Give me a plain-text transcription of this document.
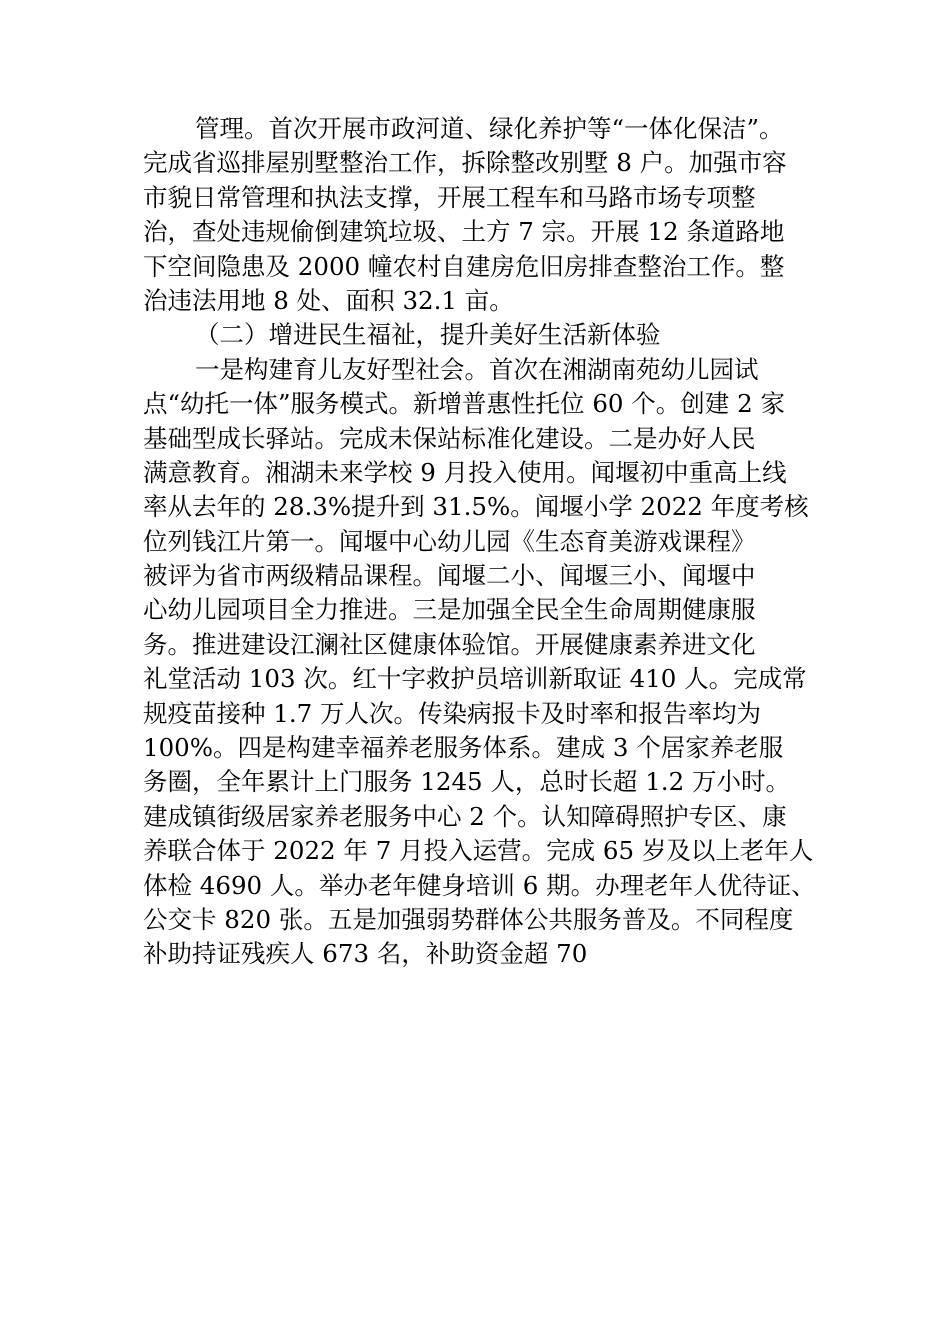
管理。首次开展市政河道、绿化养护等“一体化保洁”。
完成省巡排屋别墅整治工作，拆除整改别墅 8 户。加强市容
市貌日常管理和执法支撑，开展工程车和马路市场专项整
治，查处违规偷倒建筑垃圾、土方 7 宗。开展 12 条道路地
下空间隐患及 2000 幢农村自建房危旧房排查整治工作。整
治违法用地 8 处、面积 32.1 亩。
（二）增进民生福祉，提升美好生活新体验
一是构建育儿友好型社会。首次在湘湖南苑幼儿园试
点“幼托一体”服务模式。新增普惠性托位 60 个。创建 2 家
基础型成长驿站。完成未保站标准化建设。二是办好人民
满意教育。湘湖未来学校 9 月投入使用。闻堰初中重高上线
率从去年的 28.3%提升到 31.5%。闻堰小学 2022 年度考核
位列钱江片第一。闻堰中心幼儿园《生态育美游戏课程》
被评为省市两级精品课程。闻堰二小、闻堰三小、闻堰中
心幼儿园项目全力推进。三是加强全民全生命周期健康服
务。推进建设江澜社区健康体验馆。开展健康素养进文化
礼堂活动 103 次。红十字救护员培训新取证 410 人。完成常
规疫苗接种 1.7 万人次。传染病报卡及时率和报告率均为
100%。四是构建幸福养老服务体系。建成 3 个居家养老服
务圈，全年累计上门服务 1245 人，总时长超 1.2 万小时。
建成镇街级居家养老服务中心 2 个。认知障碍照护专区、康
养联合体于 2022 年 7 月投入运营。完成 65 岁及以上老年人
体检 4690 人。举办老年健身培训 6 期。办理老年人优待证、
公交卡 820 张。五是加强弱势群体公共服务普及。不同程度
补助持证残疾人 673 名，补助资金超 70
